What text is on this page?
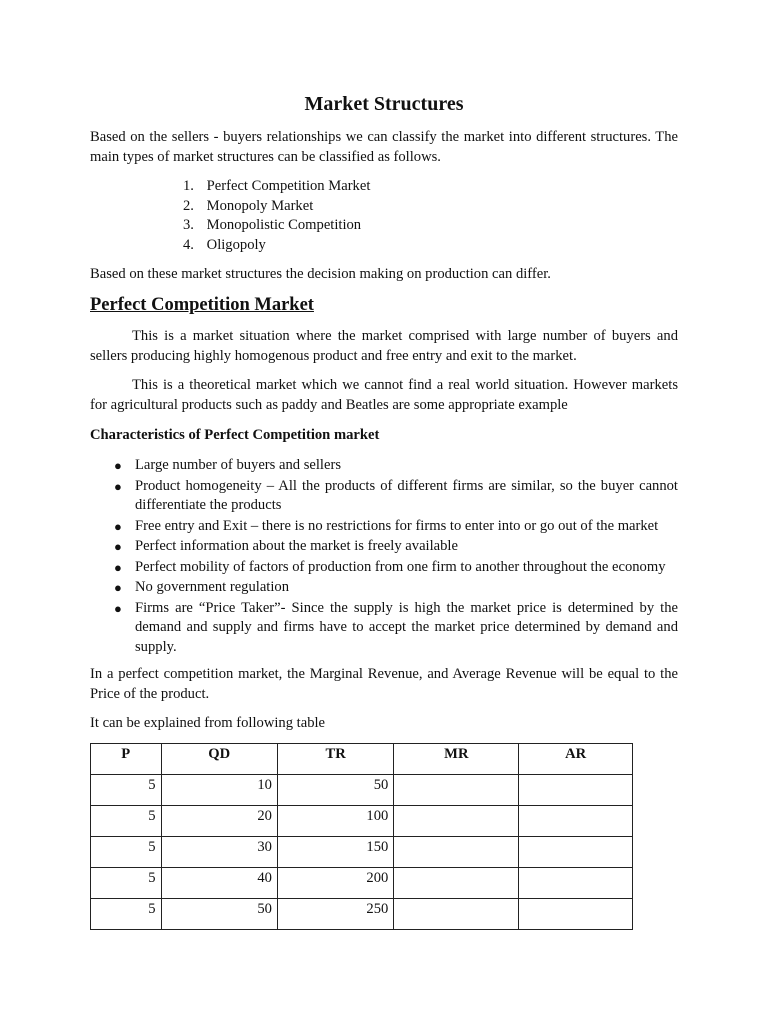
Market Structures

Based on the sellers - buyers relationships we can classify the market into different structures. The main types of market structures can be classified as follows.

1. Perfect Competition Market
2. Monopoly Market
3. Monopolistic Competition
4. Oligopoly

Based on these market structures the decision making on production can differ.

Perfect Competition Market

This is a market situation where the market comprised with large number of buyers and sellers producing highly homogenous product and free entry and exit to the market.

This is a theoretical market which we cannot find a real world situation. However markets for agricultural products such as paddy and Beatles are some appropriate example

Characteristics of Perfect Competition market

● Large number of buyers and sellers
● Product homogeneity – All the products of different firms are similar, so the buyer cannot differentiate the products
● Free entry and Exit – there is no restrictions for firms to enter into or go out of the market
● Perfect information about the market is freely available
● Perfect mobility of factors of production from one firm to another throughout the economy
● No government regulation
● Firms are “Price Taker”- Since the supply is high the market price is determined by the demand and supply and firms have to accept the market price determined by demand and supply.

In a perfect competition market, the Marginal Revenue, and Average Revenue will be equal to the Price of the product.

It can be explained from following table

P	QD	TR	MR	AR
5	10	50		
5	20	100		
5	30	150		
5	40	200		
5	50	250		
